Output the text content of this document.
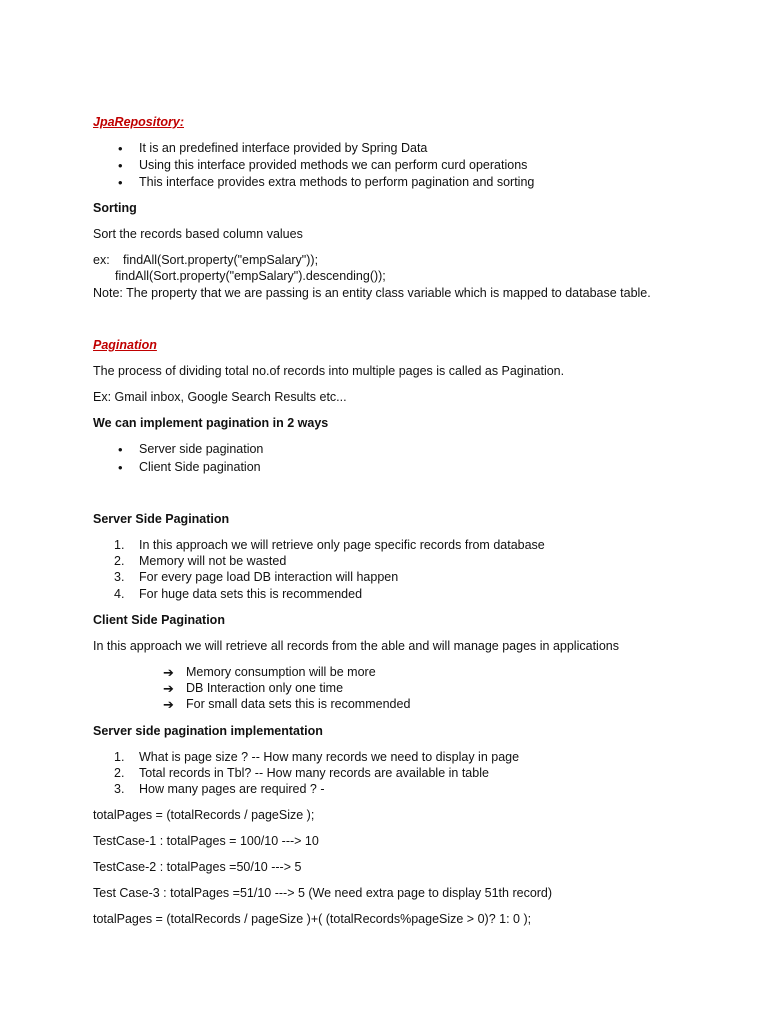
JpaRepository:
• It is an predefined interface provided by Spring Data
• Using this interface provided methods we can perform curd operations
• This interface provides extra methods to perform pagination and sorting
Sorting
Sort the records based column values
ex: findAll(Sort.property("empSalary"));
findAll(Sort.property("empSalary").descending());
Note: The property that we are passing is an entity class variable which is mapped to database table.
Pagination
The process of dividing total no.of records into multiple pages is called as Pagination.
Ex: Gmail inbox, Google Search Results etc...
We can implement pagination in 2 ways
• Server side pagination
• Client Side pagination
Server Side Pagination
1. In this approach we will retrieve only page specific records from database
2. Memory will not be wasted
3. For every page load DB interaction will happen
4. For huge data sets this is recommended
Client Side Pagination
In this approach we will retrieve all records from the able and will manage pages in applications
➔ Memory consumption will be more
➔ DB Interaction only one time
➔ For small data sets this is recommended
Server side pagination implementation
1. What is page size ? -- How many records we need to display in page
2. Total records in Tbl? -- How many records are available in table
3. How many pages are required ? -
totalPages = (totalRecords / pageSize );
TestCase-1 : totalPages = 100/10 ---> 10
TestCase-2 : totalPages =50/10 ---> 5
Test Case-3 : totalPages =51/10 ---> 5 (We need extra page to display 51th record)
totalPages = (totalRecords / pageSize )+( (totalRecords%pageSize > 0)? 1: 0 );
